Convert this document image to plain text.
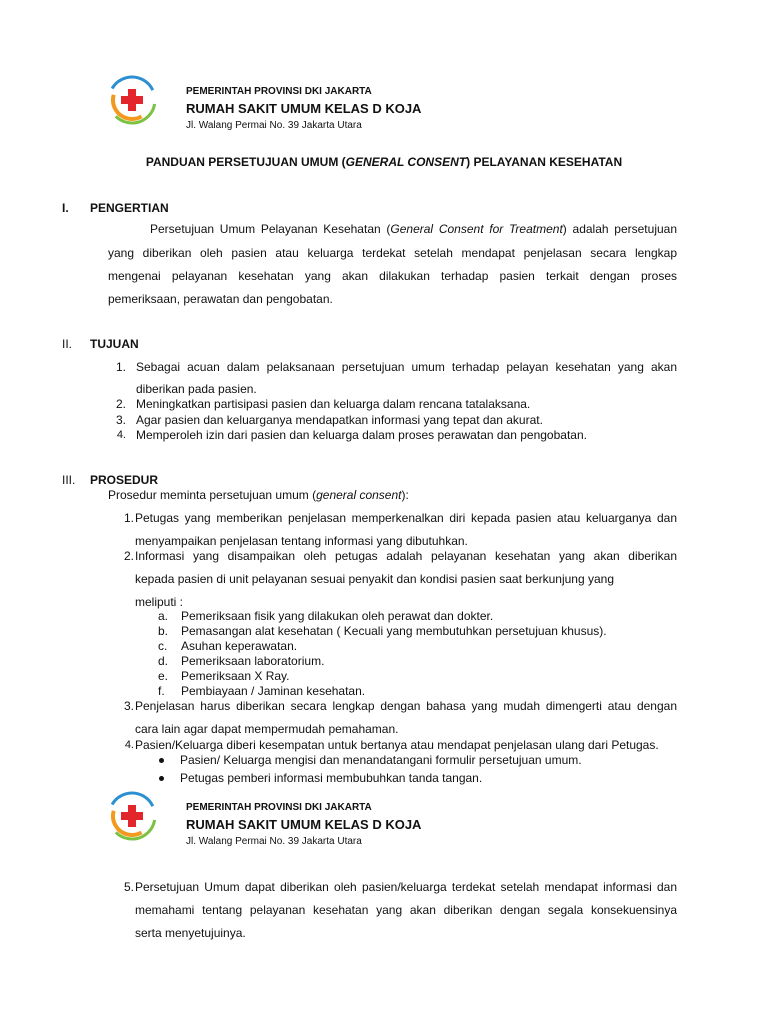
PEMERINTAH PROVINSI DKI JAKARTA
RUMAH SAKIT UMUM KELAS D KOJA
Jl. Walang Permai No. 39 Jakarta Utara
PANDUAN PERSETUJUAN UMUM (GENERAL CONSENT) PELAYANAN KESEHATAN
I. PENGERTIAN
Persetujuan Umum Pelayanan Kesehatan (General Consent for Treatment) adalah persetujuan
yang diberikan oleh pasien atau keluarga terdekat setelah mendapat penjelasan secara lengkap
mengenai pelayanan kesehatan yang akan dilakukan terhadap pasien terkait dengan proses
pemeriksaan, perawatan dan pengobatan.
II. TUJUAN
1. Sebagai acuan dalam pelaksanaan persetujuan umum terhadap pelayan kesehatan yang akan
diberikan pada pasien.
2. Meningkatkan partisipasi pasien dan keluarga dalam rencana tatalaksana.
3. Agar pasien dan keluarganya mendapatkan informasi yang tepat dan akurat.
4. Memperoleh izin dari pasien dan keluarga dalam proses perawatan dan pengobatan.
III. PROSEDUR
Prosedur meminta persetujuan umum (general consent):
1. Petugas yang memberikan penjelasan memperkenalkan diri kepada pasien atau keluarganya dan
menyampaikan penjelasan tentang informasi yang dibutuhkan.
2. Informasi yang disampaikan oleh petugas adalah pelayanan kesehatan yang akan diberikan
kepada pasien di unit pelayanan sesuai penyakit dan kondisi pasien saat berkunjung yang
meliputi :
a. Pemeriksaan fisik yang dilakukan oleh perawat dan dokter.
b. Pemasangan alat kesehatan ( Kecuali yang membutuhkan persetujuan khusus).
c. Asuhan keperawatan.
d. Pemeriksaan laboratorium.
e. Pemeriksaan X Ray.
f. Pembiayaan / Jaminan kesehatan.
3. Penjelasan harus diberikan secara lengkap dengan bahasa yang mudah dimengerti atau dengan
cara lain agar dapat mempermudah pemahaman.
4. Pasien/Keluarga diberi kesempatan untuk bertanya atau mendapat penjelasan ulang dari Petugas.
Pasien/ Keluarga mengisi dan menandatangani formulir persetujuan umum.
Petugas pemberi informasi membubuhkan tanda tangan.
PEMERINTAH PROVINSI DKI JAKARTA
RUMAH SAKIT UMUM KELAS D KOJA
Jl. Walang Permai No. 39 Jakarta Utara
5. Persetujuan Umum dapat diberikan oleh pasien/keluarga terdekat setelah mendapat informasi dan
memahami tentang pelayanan kesehatan yang akan diberikan dengan segala konsekuensinya
serta menyetujuinya.
